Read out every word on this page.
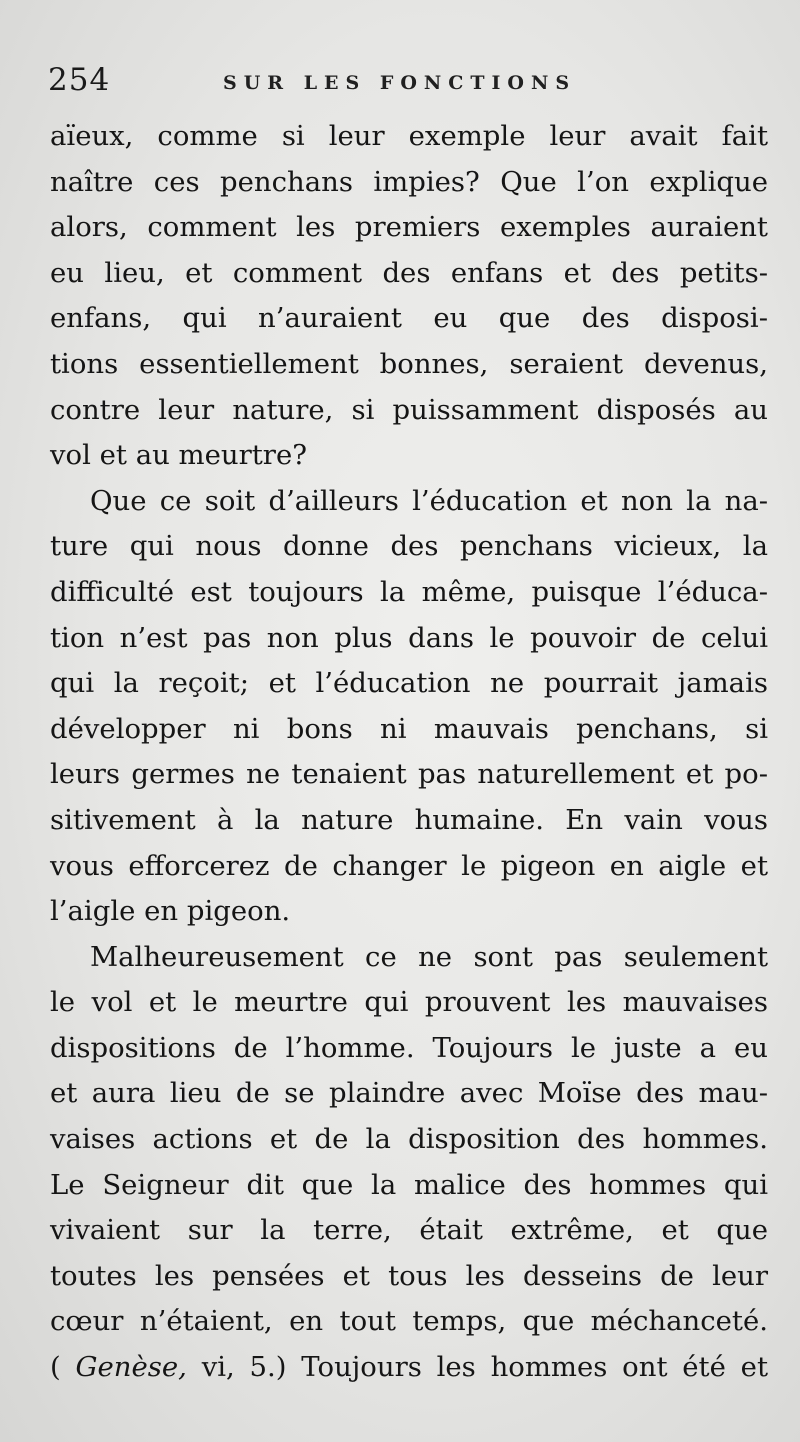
254	SUR LES FONCTIONS
aïeux, comme si leur exemple leur avait fait
naître ces penchans impies? Que l’on explique
alors, comment les premiers exemples auraient
eu lieu, et comment des enfans et des petits-
enfans, qui n’auraient eu que des disposi-
tions essentiellement bonnes, seraient devenus,
contre leur nature, si puissamment disposés au
vol et au meurtre?
Que ce soit d’ailleurs l’éducation et non la na-
ture qui nous donne des penchans vicieux, la
difficulté est toujours la même, puisque l’éduca-
tion n’est pas non plus dans le pouvoir de celui
qui la reçoit; et l’éducation ne pourrait jamais
développer ni bons ni mauvais penchans, si
leurs germes ne tenaient pas naturellement et po-
sitivement à la nature humaine. En vain vous
vous efforcerez de changer le pigeon en aigle et
l’aigle en pigeon.
Malheureusement ce ne sont pas seulement
le vol et le meurtre qui prouvent les mauvaises
dispositions de l’homme. Toujours le juste a eu
et aura lieu de se plaindre avec Moïse des mau-
vaises actions et de la disposition des hommes.
Le Seigneur dit que la malice des hommes qui
vivaient sur la terre, était extrême, et que
toutes les pensées et tous les desseins de leur
cœur n’étaient, en tout temps, que méchanceté.
( Genèse, vi, 5.) Toujours les hommes ont été et
